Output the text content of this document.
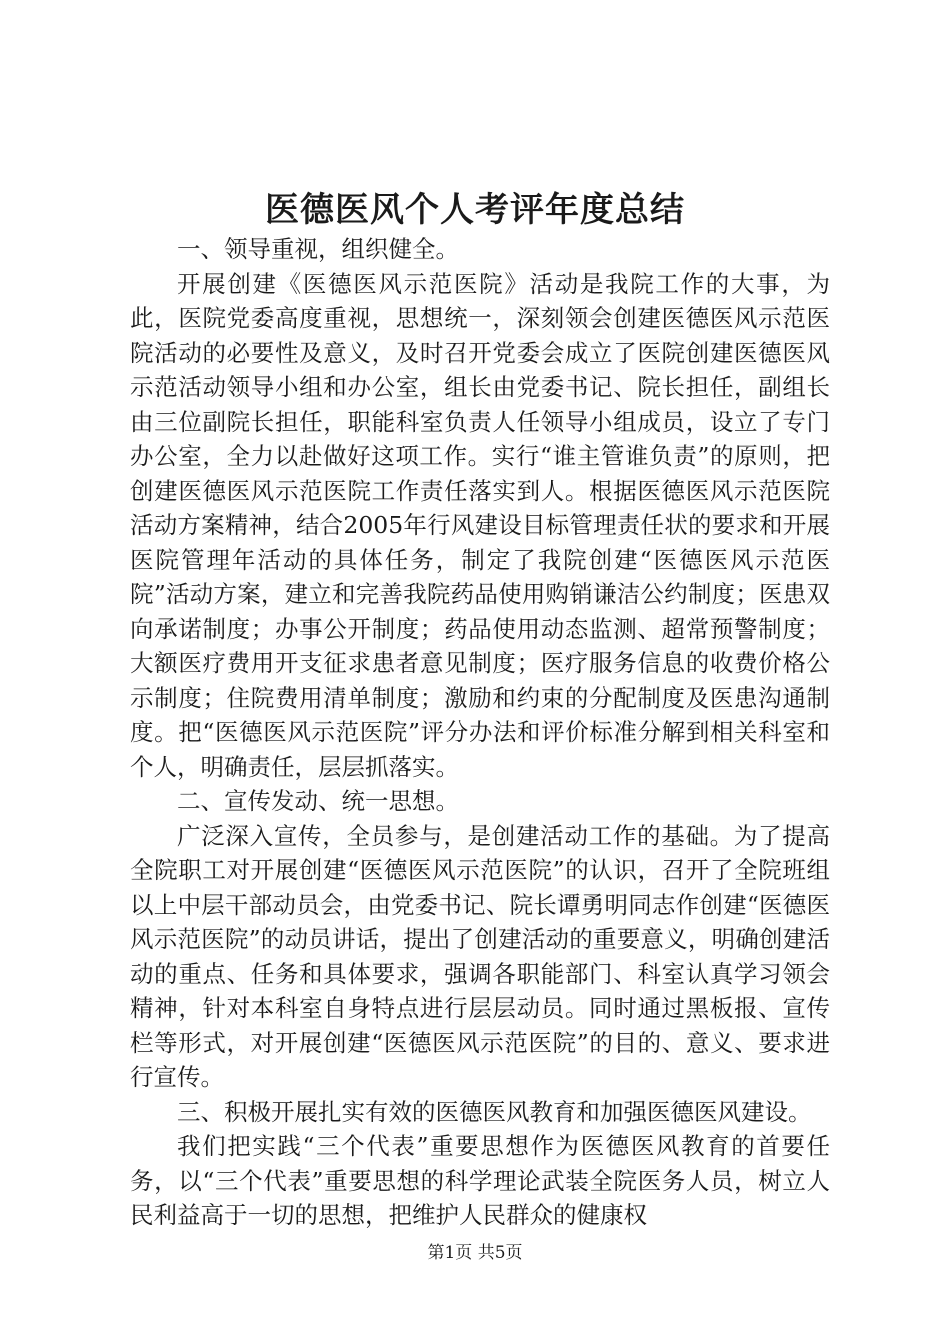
医德医风个人考评年度总结

一、领导重视，组织健全。

开展创建《医德医风示范医院》活动是我院工作的大事，为此，医院党委高度重视，思想统一，深刻领会创建医德医风示范医院活动的必要性及意义，及时召开党委会成立了医院创建医德医风示范活动领导小组和办公室，组长由党委书记、院长担任，副组长由三位副院长担任，职能科室负责人任领导小组成员，设立了专门办公室，全力以赴做好这项工作。实行“谁主管谁负责”的原则，把创建医德医风示范医院工作责任落实到人。根据医德医风示范医院活动方案精神，结合2005年行风建设目标管理责任状的要求和开展医院管理年活动的具体任务，制定了我院创建“医德医风示范医院”活动方案，建立和完善我院药品使用购销谦洁公约制度；医患双向承诺制度；办事公开制度；药品使用动态监测、超常预警制度；大额医疗费用开支征求患者意见制度；医疗服务信息的收费价格公示制度；住院费用清单制度；激励和约束的分配制度及医患沟通制度。把“医德医风示范医院”评分办法和评价标准分解到相关科室和个人，明确责任，层层抓落实。

二、宣传发动、统一思想。

广泛深入宣传，全员参与，是创建活动工作的基础。为了提高全院职工对开展创建“医德医风示范医院”的认识，召开了全院班组以上中层干部动员会，由党委书记、院长谭勇明同志作创建“医德医风示范医院”的动员讲话，提出了创建活动的重要意义，明确创建活动的重点、任务和具体要求，强调各职能部门、科室认真学习领会精神，针对本科室自身特点进行层层动员。同时通过黑板报、宣传栏等形式，对开展创建“医德医风示范医院”的目的、意义、要求进行宣传。

三、积极开展扎实有效的医德医风教育和加强医德医风建设。

我们把实践“三个代表”重要思想作为医德医风教育的首要任务，以“三个代表”重要思想的科学理论武装全院医务人员，树立人民利益高于一切的思想，把维护人民群众的健康权

第1页 共5页
